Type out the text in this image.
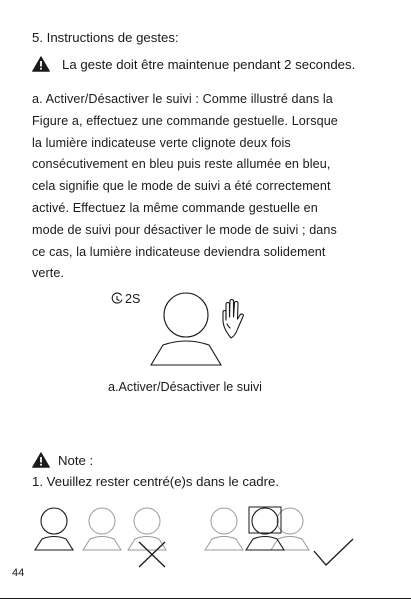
5. Instructions de gestes:
La geste doit être maintenue pendant 2 secondes.
a. Activer/Désactiver le suivi : Comme illustré dans la
Figure a, effectuez une commande gestuelle. Lorsque
la lumière indicateuse verte clignote deux fois
consécutivement en bleu puis reste allumée en bleu,
cela signifie que le mode de suivi a été correctement
activé. Effectuez la même commande gestuelle en
mode de suivi pour désactiver le mode de suivi ; dans
ce cas, la lumière indicateuse deviendra solidement
verte.
2S
a.Activer/Désactiver le suivi
Note :
1. Veuillez rester centré(e)s dans le cadre.
44
